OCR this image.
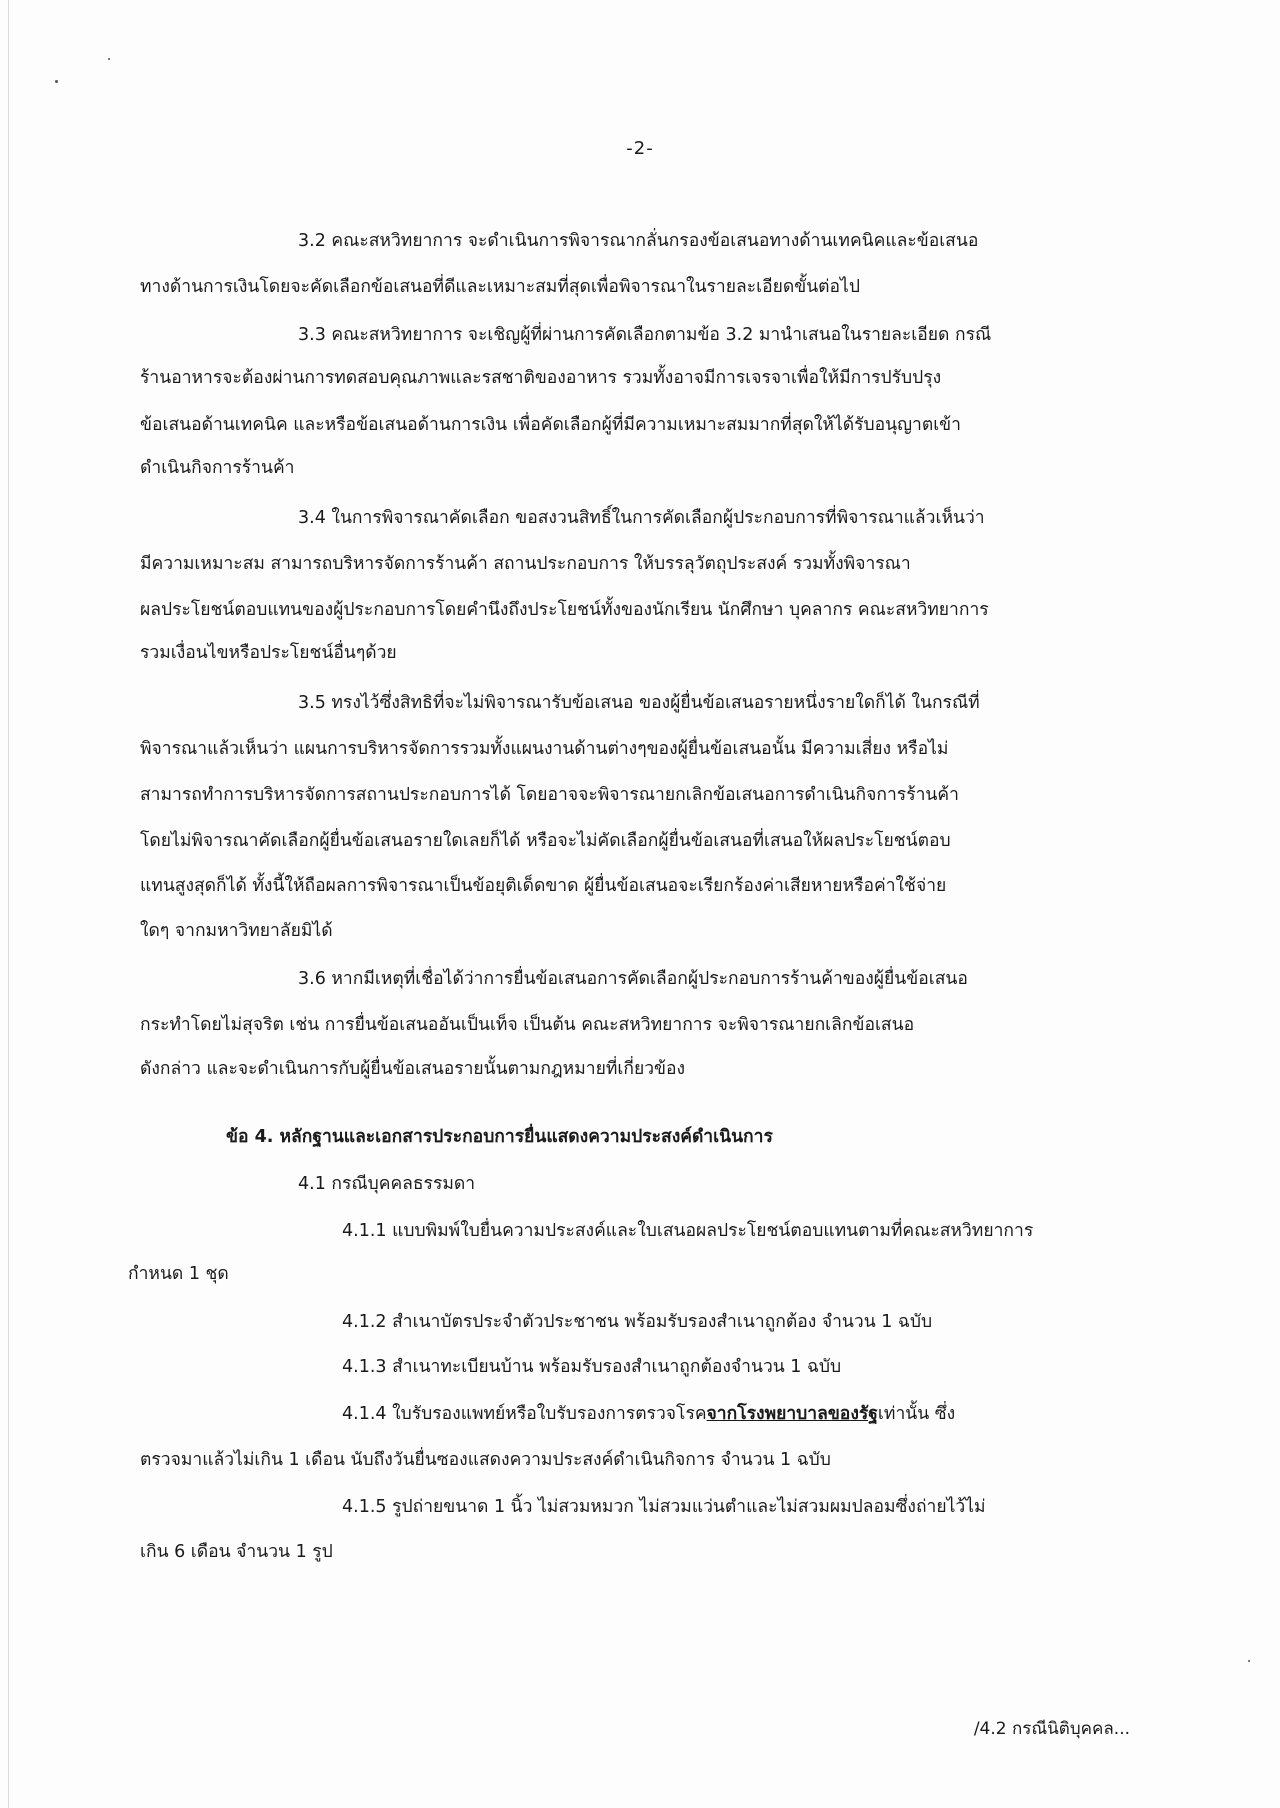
-2-
3.2 คณะสหวิทยาการ จะดำเนินการพิจารณากลั่นกรองข้อเสนอทางด้านเทคนิคและข้อเสนอ
ทางด้านการเงินโดยจะคัดเลือกข้อเสนอที่ดีและเหมาะสมที่สุดเพื่อพิจารณาในรายละเอียดขั้นต่อไป
3.3 คณะสหวิทยาการ จะเชิญผู้ที่ผ่านการคัดเลือกตามข้อ 3.2 มานำเสนอในรายละเอียด กรณี
ร้านอาหารจะต้องผ่านการทดสอบคุณภาพและรสชาติของอาหาร รวมทั้งอาจมีการเจรจาเพื่อให้มีการปรับปรุง
ข้อเสนอด้านเทคนิค และหรือข้อเสนอด้านการเงิน เพื่อคัดเลือกผู้ที่มีความเหมาะสมมากที่สุดให้ได้รับอนุญาตเข้า
ดำเนินกิจการร้านค้า
3.4 ในการพิจารณาคัดเลือก ขอสงวนสิทธิ์ในการคัดเลือกผู้ประกอบการที่พิจารณาแล้วเห็นว่า
มีความเหมาะสม สามารถบริหารจัดการร้านค้า สถานประกอบการ ให้บรรลุวัตถุประสงค์ รวมทั้งพิจารณา
ผลประโยชน์ตอบแทนของผู้ประกอบการโดยคำนึงถึงประโยชน์ทั้งของนักเรียน นักศึกษา บุคลากร คณะสหวิทยาการ
รวมเงื่อนไขหรือประโยชน์อื่นๆด้วย
3.5 ทรงไว้ซึ่งสิทธิที่จะไม่พิจารณารับข้อเสนอ ของผู้ยื่นข้อเสนอรายหนึ่งรายใดก็ได้ ในกรณีที่
พิจารณาแล้วเห็นว่า แผนการบริหารจัดการรวมทั้งแผนงานด้านต่างๆของผู้ยื่นข้อเสนอนั้น มีความเสี่ยง หรือไม่
สามารถทำการบริหารจัดการสถานประกอบการได้ โดยอาจจะพิจารณายกเลิกข้อเสนอการดำเนินกิจการร้านค้า
โดยไม่พิจารณาคัดเลือกผู้ยื่นข้อเสนอรายใดเลยก็ได้ หรือจะไม่คัดเลือกผู้ยื่นข้อเสนอที่เสนอให้ผลประโยชน์ตอบ
แทนสูงสุดก็ได้ ทั้งนี้ให้ถือผลการพิจารณาเป็นข้อยุติเด็ดขาด ผู้ยื่นข้อเสนอจะเรียกร้องค่าเสียหายหรือค่าใช้จ่าย
ใดๆ จากมหาวิทยาลัยมิได้
3.6 หากมีเหตุที่เชื่อได้ว่าการยื่นข้อเสนอการคัดเลือกผู้ประกอบการร้านค้าของผู้ยื่นข้อเสนอ
กระทำโดยไม่สุจริต เช่น การยื่นข้อเสนออันเป็นเท็จ เป็นต้น คณะสหวิทยาการ จะพิจารณายกเลิกข้อเสนอ
ดังกล่าว และจะดำเนินการกับผู้ยื่นข้อเสนอรายนั้นตามกฎหมายที่เกี่ยวข้อง
ข้อ 4. หลักฐานและเอกสารประกอบการยื่นแสดงความประสงค์ดำเนินการ
4.1 กรณีบุคคลธรรมดา
4.1.1 แบบพิมพ์ใบยื่นความประสงค์และใบเสนอผลประโยชน์ตอบแทนตามที่คณะสหวิทยาการ
กำหนด 1 ชุด
4.1.2 สำเนาบัตรประจำตัวประชาชน พร้อมรับรองสำเนาถูกต้อง จำนวน 1 ฉบับ
4.1.3 สำเนาทะเบียนบ้าน พร้อมรับรองสำเนาถูกต้องจำนวน 1 ฉบับ
4.1.4 ใบรับรองแพทย์หรือใบรับรองการตรวจโรคจากโรงพยาบาลของรัฐเท่านั้น ซึ่ง
ตรวจมาแล้วไม่เกิน 1 เดือน นับถึงวันยื่นซองแสดงความประสงค์ดำเนินกิจการ จำนวน 1 ฉบับ
4.1.5 รูปถ่ายขนาด 1 นิ้ว ไม่สวมหมวก ไม่สวมแว่นตำและไม่สวมผมปลอมซึ่งถ่ายไว้ไม่
เกิน 6 เดือน จำนวน 1 รูป
/4.2 กรณีนิติบุคคล...
